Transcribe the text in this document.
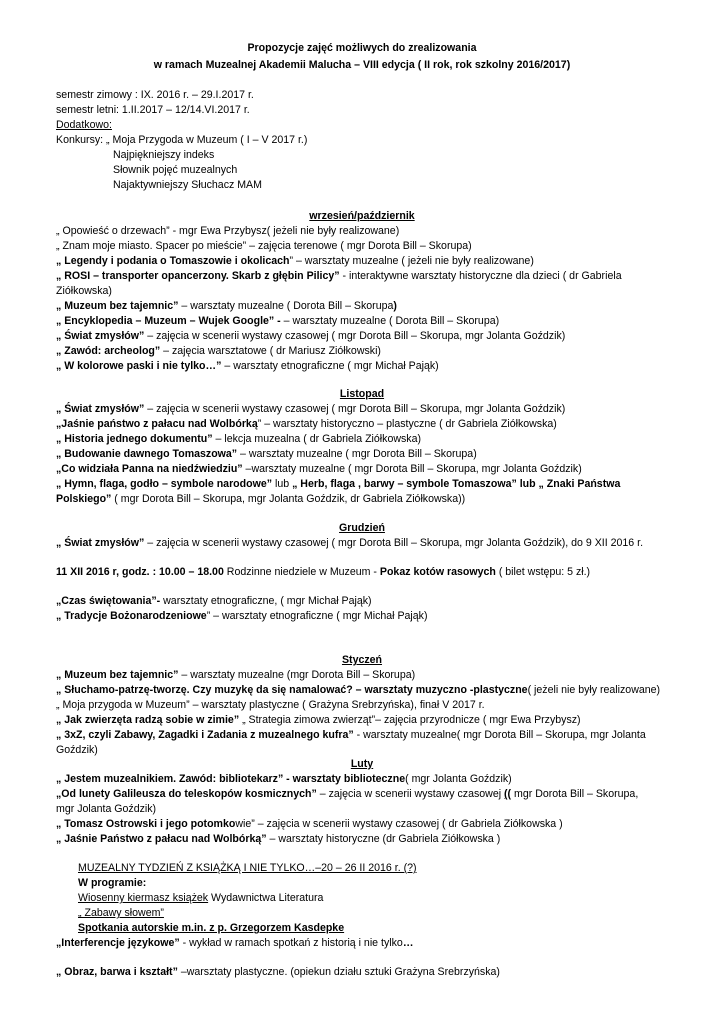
Propozycje zajęć możliwych do zrealizowania
w ramach Muzealnej Akademii Malucha – VIII edycja ( II rok, rok szkolny 2016/2017)
semestr zimowy : IX. 2016 r. – 29.I.2017 r.
semestr letni: 1.II.2017 – 12/14.VI.2017 r.
Dodatkowo:
Konkursy: „ Moja Przygoda w Muzeum ( I – V 2017 r.)
Najpiękniejszy indeks
Słownik pojęć muzealnych
Najaktywniejszy Słuchacz MAM
wrzesień/październik
„ Opowieść o drzewach” - mgr Ewa Przybysz( jeżeli nie były realizowane)
„ Znam moje miasto. Spacer po mieście” – zajęcia terenowe ( mgr Dorota Bill – Skorupa)
„ Legendy i podania o Tomaszowie i okolicach” – warsztaty muzealne ( jeżeli nie były realizowane)
„ ROSI – transporter opancerzony. Skarb z głębin Pilicy” - interaktywne warsztaty historyczne dla dzieci ( dr Gabriela
Ziółkowska)
„ Muzeum bez tajemnic” – warsztaty muzealne ( Dorota Bill – Skorupa)
„ Encyklopedia – Muzeum – Wujek Google” - – warsztaty muzealne ( Dorota Bill – Skorupa)
„ Świat zmysłów” – zajęcia w scenerii wystawy czasowej ( mgr Dorota Bill – Skorupa, mgr Jolanta Goździk)
„ Zawód: archeolog” – zajęcia warsztatowe ( dr Mariusz Ziółkowski)
„ W kolorowe paski i nie tylko…” – warsztaty etnograficzne ( mgr Michał Pająk)
Listopad
„ Świat zmysłów” – zajęcia w scenerii wystawy czasowej ( mgr Dorota Bill – Skorupa, mgr Jolanta Goździk)
„Jaśnie państwo z pałacu nad Wolbórką” – warsztaty historyczno – plastyczne ( dr Gabriela Ziółkowska)
„ Historia jednego dokumentu” – lekcja muzealna ( dr Gabriela Ziółkowska)
„ Budowanie dawnego Tomaszowa” – warsztaty muzealne ( mgr Dorota Bill – Skorupa)
„Co widziała Panna na niedźwiedziu” –warsztaty muzealne ( mgr Dorota Bill – Skorupa, mgr Jolanta Goździk)
„ Hymn, flaga, godło – symbole narodowe” lub „ Herb, flaga , barwy – symbole Tomaszowa” lub „ Znaki Państwa
Polskiego” ( mgr Dorota Bill – Skorupa, mgr Jolanta Goździk, dr Gabriela Ziółkowska))
Grudzień
„ Świat zmysłów” – zajęcia w scenerii wystawy czasowej ( mgr Dorota Bill – Skorupa, mgr Jolanta Goździk), do 9 XII 2016 r.
11 XII 2016 r, godz. : 10.00 – 18.00 Rodzinne niedziele w Muzeum - Pokaz kotów rasowych ( bilet wstępu: 5 zł.)
„Czas świętowania”- warsztaty etnograficzne, ( mgr Michał Pająk)
„ Tradycje Bożonarodzeniowe” – warsztaty etnograficzne ( mgr Michał Pająk)
Styczeń
„ Muzeum bez tajemnic” – warsztaty muzealne (mgr Dorota Bill – Skorupa)
„ Słuchamo-patrzę-tworzę. Czy muzykę da się namalować? – warsztaty muzyczno -plastyczne( jeżeli nie były realizowane)
„ Moja przygoda w Muzeum” – warsztaty plastyczne ( Grażyna Srebrzyńska), finał V 2017 r.
„ Jak zwierzęta radzą sobie w zimie” „ Strategia zimowa zwierząt”– zajęcia przyrodnicze ( mgr Ewa Przybysz)
„ 3xZ, czyli Zabawy, Zagadki i Zadania z muzealnego kufra” - warsztaty muzealne( mgr Dorota Bill – Skorupa, mgr Jolanta
Goździk)
Luty
„ Jestem muzealnikiem. Zawód: bibliotekarz” - warsztaty biblioteczne( mgr Jolanta Goździk)
„Od lunety Galileusza do teleskopów kosmicznych” – zajęcia w scenerii wystawy czasowej (( mgr Dorota Bill – Skorupa,
mgr Jolanta Goździk)
„ Tomasz Ostrowski i jego potomkowie” – zajęcia w scenerii wystawy czasowej ( dr Gabriela Ziółkowska )
„ Jaśnie Państwo z pałacu nad Wolbórką” – warsztaty historyczne (dr Gabriela Ziółkowska )
MUZEALNY TYDZIEŃ Z KSIĄŻKĄ I NIE TYLKO…–20 – 26 II 2016 r. (?)
W programie:
Wiosenny kiermasz książek Wydawnictwa Literatura
„ Zabawy słowem”
Spotkania autorskie m.in. z p. Grzegorzem Kasdepke
„Interferencje językowe” - wykład w ramach spotkań z historią i nie tylko…
„ Obraz, barwa i kształt” –warsztaty plastyczne. (opiekun działu sztuki Grażyna Srebrzyńska)
